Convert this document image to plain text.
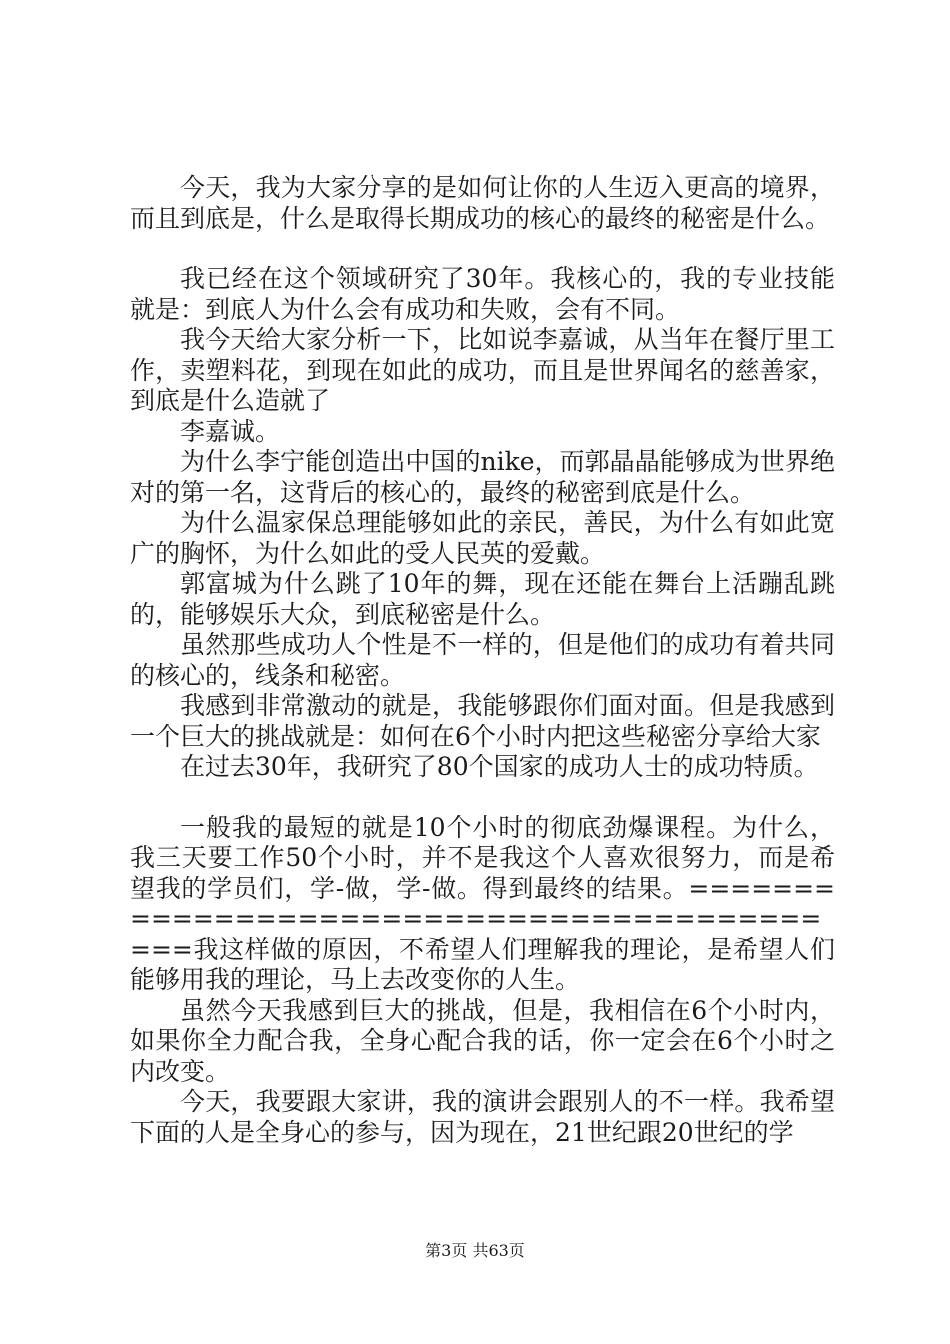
今天，我为大家分享的是如何让你的人生迈入更高的境界，而且到底是，什么是取得长期成功的核心的最终的秘密是什么。

我已经在这个领域研究了30年。我核心的，我的专业技能就是：到底人为什么会有成功和失败，会有不同。

我今天给大家分析一下，比如说李嘉诚，从当年在餐厅里工作，卖塑料花，到现在如此的成功，而且是世界闻名的慈善家，到底是什么造就了

李嘉诚。

为什么李宁能创造出中国的nike，而郭晶晶能够成为世界绝对的第一名，这背后的核心的，最终的秘密到底是什么。

为什么温家保总理能够如此的亲民，善民，为什么有如此宽广的胸怀，为什么如此的受人民英的爱戴。

郭富城为什么跳了10年的舞，现在还能在舞台上活蹦乱跳的，能够娱乐大众，到底秘密是什么。

虽然那些成功人个性是不一样的，但是他们的成功有着共同的核心的，线条和秘密。

我感到非常激动的就是，我能够跟你们面对面。但是我感到一个巨大的挑战就是：如何在6个小时内把这些秘密分享给大家

在过去30年，我研究了80个国家的成功人士的成功特质。

一般我的最短的就是10个小时的彻底劲爆课程。为什么，我三天要工作50个小时，并不是我这个人喜欢很努力，而是希望我的学员们，学-做，学-做。得到最终的结果。===========================================我这样做的原因，不希望人们理解我的理论，是希望人们能够用我的理论，马上去改变你的人生。

虽然今天我感到巨大的挑战，但是，我相信在6个小时内，如果你全力配合我，全身心配合我的话，你一定会在6个小时之内改变。

今天，我要跟大家讲，我的演讲会跟别人的不一样。我希望下面的人是全身心的参与，因为现在，21世纪跟20世纪的学

第3页 共63页
